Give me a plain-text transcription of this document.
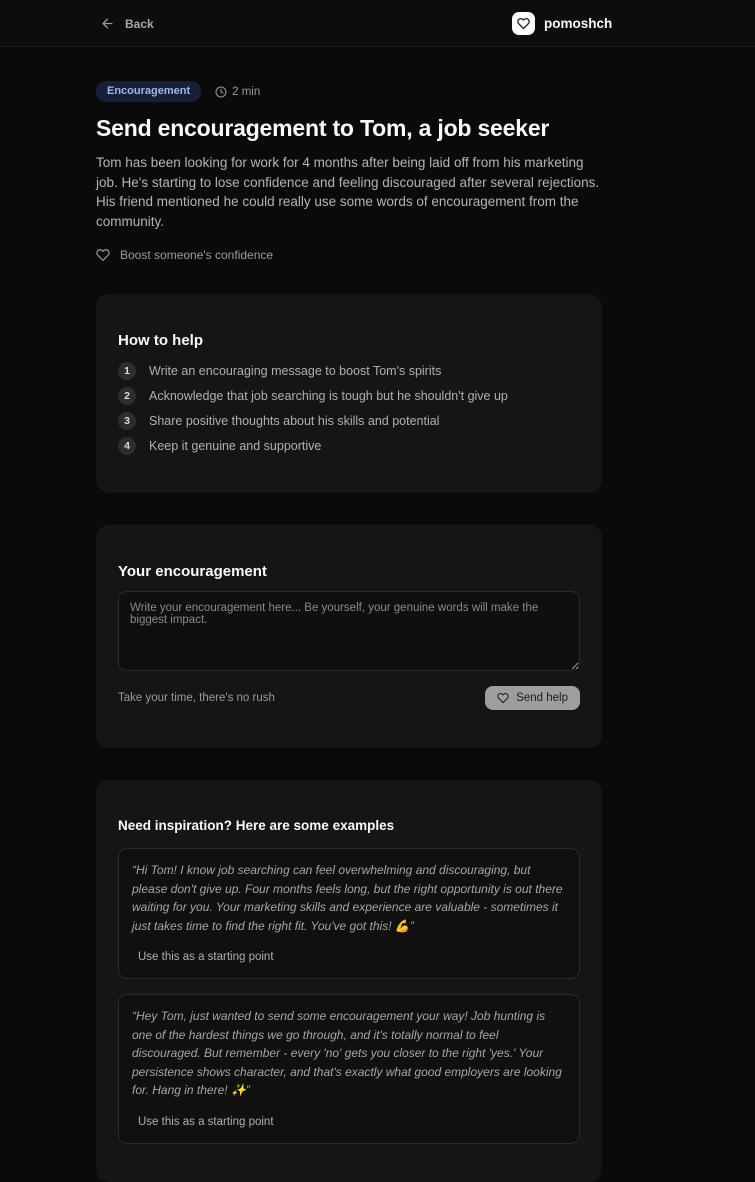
Back	pomoshch
Encouragement	2 min
Send encouragement to Tom, a job seeker

Tom has been looking for work for 4 months after being laid off from his marketing job. He's starting to lose confidence and feeling discouraged after several rejections. His friend mentioned he could really use some words of encouragement from the community.

Boost someone's confidence
How to help
1	Write an encouraging message to boost Tom's spirits
2	Acknowledge that job searching is tough but he shouldn't give up
3	Share positive thoughts about his skills and potential
4	Keep it genuine and supportive
Your encouragement
Write your encouragement here... Be yourself, your genuine words will make the biggest impact.
Take your time, there's no rush	Send help
Need inspiration? Here are some examples

“Hi Tom! I know job searching can feel overwhelming and discouraging, but please don't give up. Four months feels long, but the right opportunity is out there waiting for you. Your marketing skills and experience are valuable - sometimes it just takes time to find the right fit. You've got this! 💪”

Use this as a starting point

“Hey Tom, just wanted to send some encouragement your way! Job hunting is one of the hardest things we go through, and it's totally normal to feel discouraged. But remember - every 'no' gets you closer to the right 'yes.' Your persistence shows character, and that's exactly what good employers are looking for. Hang in there! ✨”

Use this as a starting point
